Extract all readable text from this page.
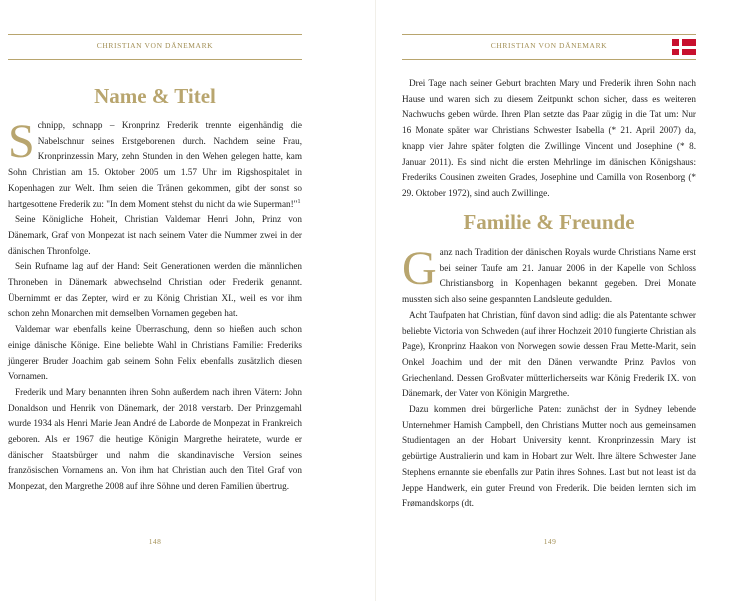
CHRISTIAN VON DÄNEMARK
Name & Titel

Schnipp, schnapp – Kronprinz Frederik trennte eigenhändig die Nabelschnur seines Erstgeborenen durch. Nachdem seine Frau, Kronprinzessin Mary, zehn Stunden in den Wehen gelegen hatte, kam Sohn Christian am 15. Oktober 2005 um 1.57 Uhr im Rigshospitalet in Kopenhagen zur Welt. Ihm seien die Tränen gekommen, gibt der sonst so hartgesottene Frederik zu: "In dem Moment stehst du nicht da wie Superman!"$^1$

Seine Königliche Hoheit, Christian Valdemar Henri John, Prinz von Dänemark, Graf von Monpezat ist nach seinem Vater die Nummer zwei in der dänischen Thronfolge.

Sein Rufname lag auf der Hand: Seit Generationen werden die männlichen Throneben in Dänemark abwechselnd Christian oder Frederik genannt. Übernimmt er das Zepter, wird er zu König Christian XI., weil es vor ihm schon zehn Monarchen mit demselben Vornamen gegeben hat.

Valdemar war ebenfalls keine Überraschung, denn so hießen auch schon einige dänische Könige. Eine beliebte Wahl in Christians Familie: Frederiks jüngerer Bruder Joachim gab seinem Sohn Felix ebenfalls zusätzlich diesen Vornamen.

Frederik und Mary benannten ihren Sohn außerdem nach ihren Vätern: John Donaldson und Henrik von Dänemark, der 2018 verstarb. Der Prinzgemahl wurde 1934 als Henri Marie Jean André de Laborde de Monpezat in Frankreich geboren. Als er 1967 die heutige Königin Margrethe heiratete, wurde er dänischer Staatsbürger und nahm die skandinavische Version seines französischen Vornamens an. Von ihm hat Christian auch den Titel Graf von Monpezat, den Margrethe 2008 auf ihre Söhne und deren Familien übertrug.

148
CHRISTIAN VON DÄNEMARK

Drei Tage nach seiner Geburt brachten Mary und Frederik ihren Sohn nach Hause und waren sich zu diesem Zeitpunkt schon sicher, dass es weiteren Nachwuchs geben würde. Ihren Plan setzte das Paar zügig in die Tat um: Nur 16 Monate später war Christians Schwester Isabella (* 21. April 2007) da, knapp vier Jahre später folgten die Zwillinge Vincent und Josephine (* 8. Januar 2011). Es sind nicht die ersten Mehrlinge im dänischen Königshaus: Frederiks Cousinen zweiten Grades, Josephine und Camilla von Rosenborg (* 29. Oktober 1972), sind auch Zwillinge.

Familie & Freunde

Ganz nach Tradition der dänischen Royals wurde Christians Name erst bei seiner Taufe am 21. Januar 2006 in der Kapelle von Schloss Christiansborg in Kopenhagen bekannt gegeben. Drei Monate mussten sich also seine gespannten Landsleute gedulden.

Acht Taufpaten hat Christian, fünf davon sind adlig: die als Patentante schwer beliebte Victoria von Schweden (auf ihrer Hochzeit 2010 fungierte Christian als Page), Kronprinz Haakon von Norwegen sowie dessen Frau Mette-Marit, sein Onkel Joachim und der mit den Dänen verwandte Prinz Pavlos von Griechenland. Dessen Großvater mütterlicherseits war König Frederik IX. von Dänemark, der Vater von Königin Margrethe.

Dazu kommen drei bürgerliche Paten: zunächst der in Sydney lebende Unternehmer Hamish Campbell, den Christians Mutter noch aus gemeinsamen Studientagen an der Hobart University kennt. Kronprinzessin Mary ist gebürtige Australierin und kam in Hobart zur Welt. Ihre ältere Schwester Jane Stephens ernannte sie ebenfalls zur Patin ihres Sohnes. Last but not least ist da Jeppe Handwerk, ein guter Freund von Frederik. Die beiden lernten sich im Frømandskorps (dt.

149
